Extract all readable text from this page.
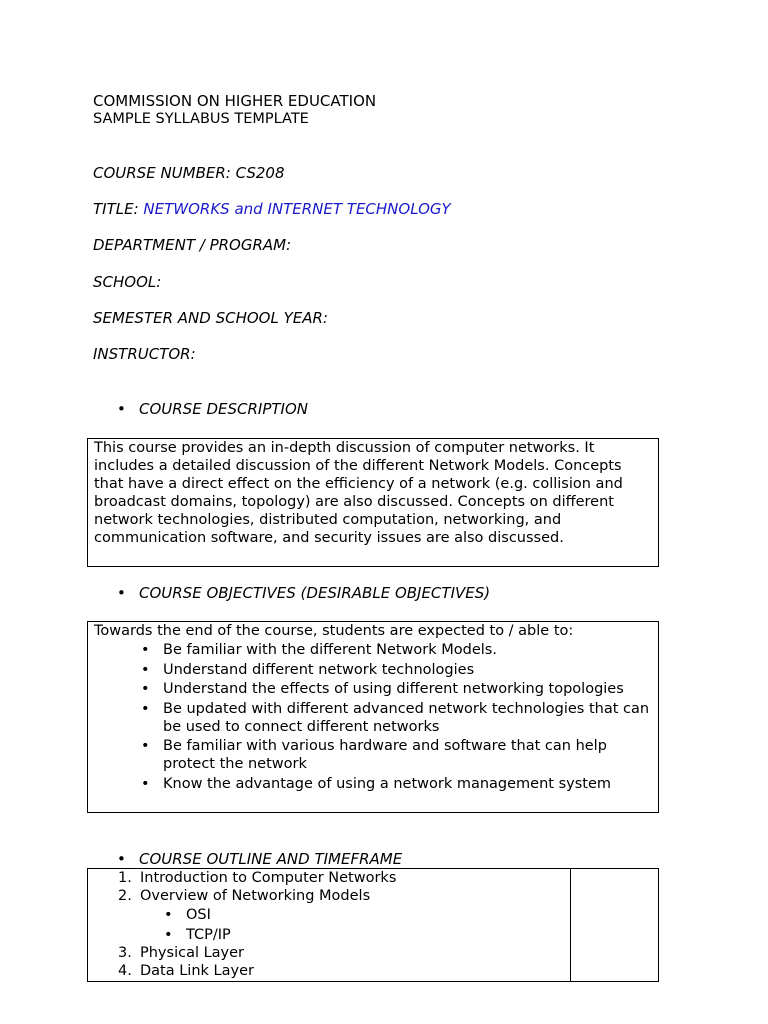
COMMISSION ON HIGHER EDUCATION
SAMPLE SYLLABUS TEMPLATE
COURSE NUMBER: CS208
TITLE: NETWORKS and INTERNET TECHNOLOGY
DEPARTMENT / PROGRAM:
SCHOOL:
SEMESTER AND SCHOOL YEAR:
INSTRUCTOR:
• COURSE DESCRIPTION

This course provides an in-depth discussion of computer networks. It includes a detailed discussion of the different Network Models. Concepts that have a direct effect on the efficiency of a network (e.g. collision and broadcast domains, topology) are also discussed. Concepts on different network technologies, distributed computation, networking, and communication software, and security issues are also discussed.

• COURSE OBJECTIVES (DESIRABLE OBJECTIVES)
Towards the end of the course, students are expected to / able to:
• Be familiar with the different Network Models.
• Understand different network technologies
• Understand the effects of using different networking topologies
• Be updated with different advanced network technologies that can be used to connect different networks
• Be familiar with various hardware and software that can help protect the network
• Know the advantage of using a network management system
• COURSE OUTLINE AND TIMEFRAME
1. Introduction to Computer Networks
2. Overview of Networking Models
• OSI
• TCP/IP
3. Physical Layer
4. Data Link Layer
